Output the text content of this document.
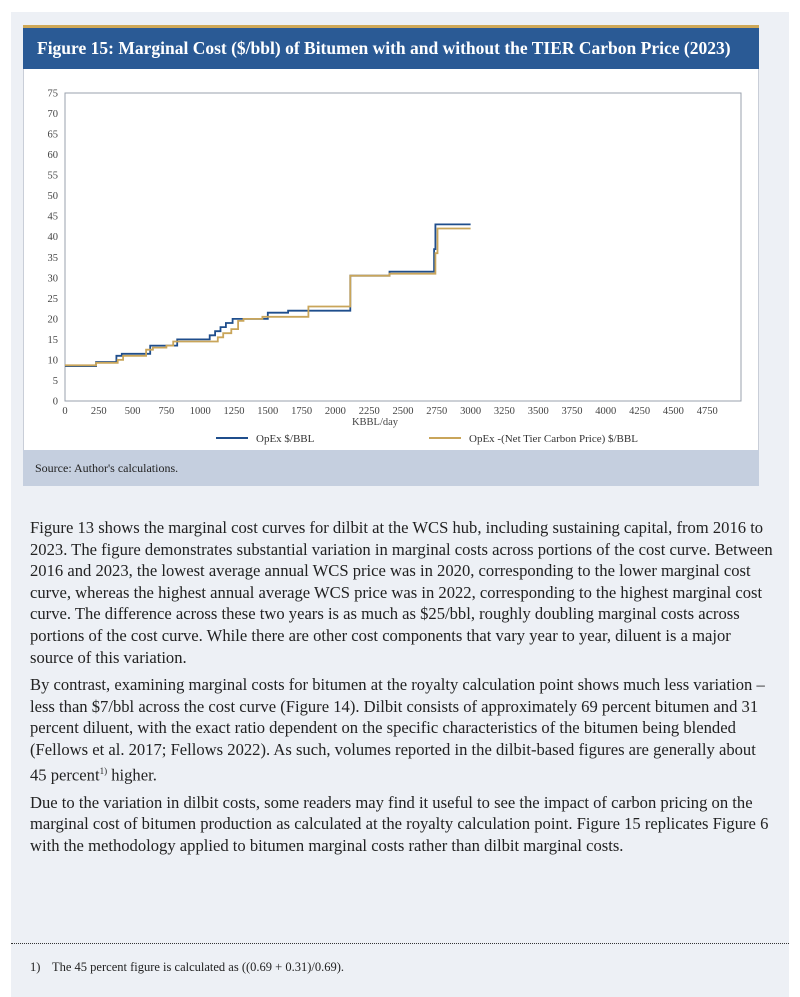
Figure 15: Marginal Cost ($/bbl) of Bitumen with and without the TIER Carbon Price (2023)
0
5
10
15
20
25
30
35
40
45
50
55
60
65
70
75
0 250 500 750 1000 1250 1500 1750 2000 2250 2500 2750 3000 3250 3500 3750 4000 4250 4500 4750
KBBL/day
OpEx $/BBL	OpEx -(Net Tier Carbon Price) $/BBL
Source: Author's calculations.

Figure 13 shows the marginal cost curves for dilbit at the WCS hub, including sustaining capital, from 2016 to 2023. The figure demonstrates substantial variation in marginal costs across portions of the cost curve. Between 2016 and 2023, the lowest average annual WCS price was in 2020, corresponding to the lower marginal cost curve, whereas the highest annual average WCS price was in 2022, corresponding to the highest marginal cost curve. The difference across these two years is as much as $25/bbl, roughly doubling marginal costs across portions of the cost curve. While there are other cost components that vary year to year, diluent is a major source of this variation.

By contrast, examining marginal costs for bitumen at the royalty calculation point shows much less variation – less than $7/bbl across the cost curve (Figure 14). Dilbit consists of approximately 69 percent bitumen and 31 percent diluent, with the exact ratio dependent on the specific characteristics of the bitumen being blended (Fellows et al. 2017; Fellows 2022). As such, volumes reported in the dilbit-based figures are generally about 45 percent$^{1)}$ higher.

Due to the variation in dilbit costs, some readers may find it useful to see the impact of carbon pricing on the marginal cost of bitumen production as calculated at the royalty calculation point. Figure 15 replicates Figure 6 with the methodology applied to bitumen marginal costs rather than dilbit marginal costs.

1) The 45 percent figure is calculated as ((0.69 + 0.31)/0.69).
